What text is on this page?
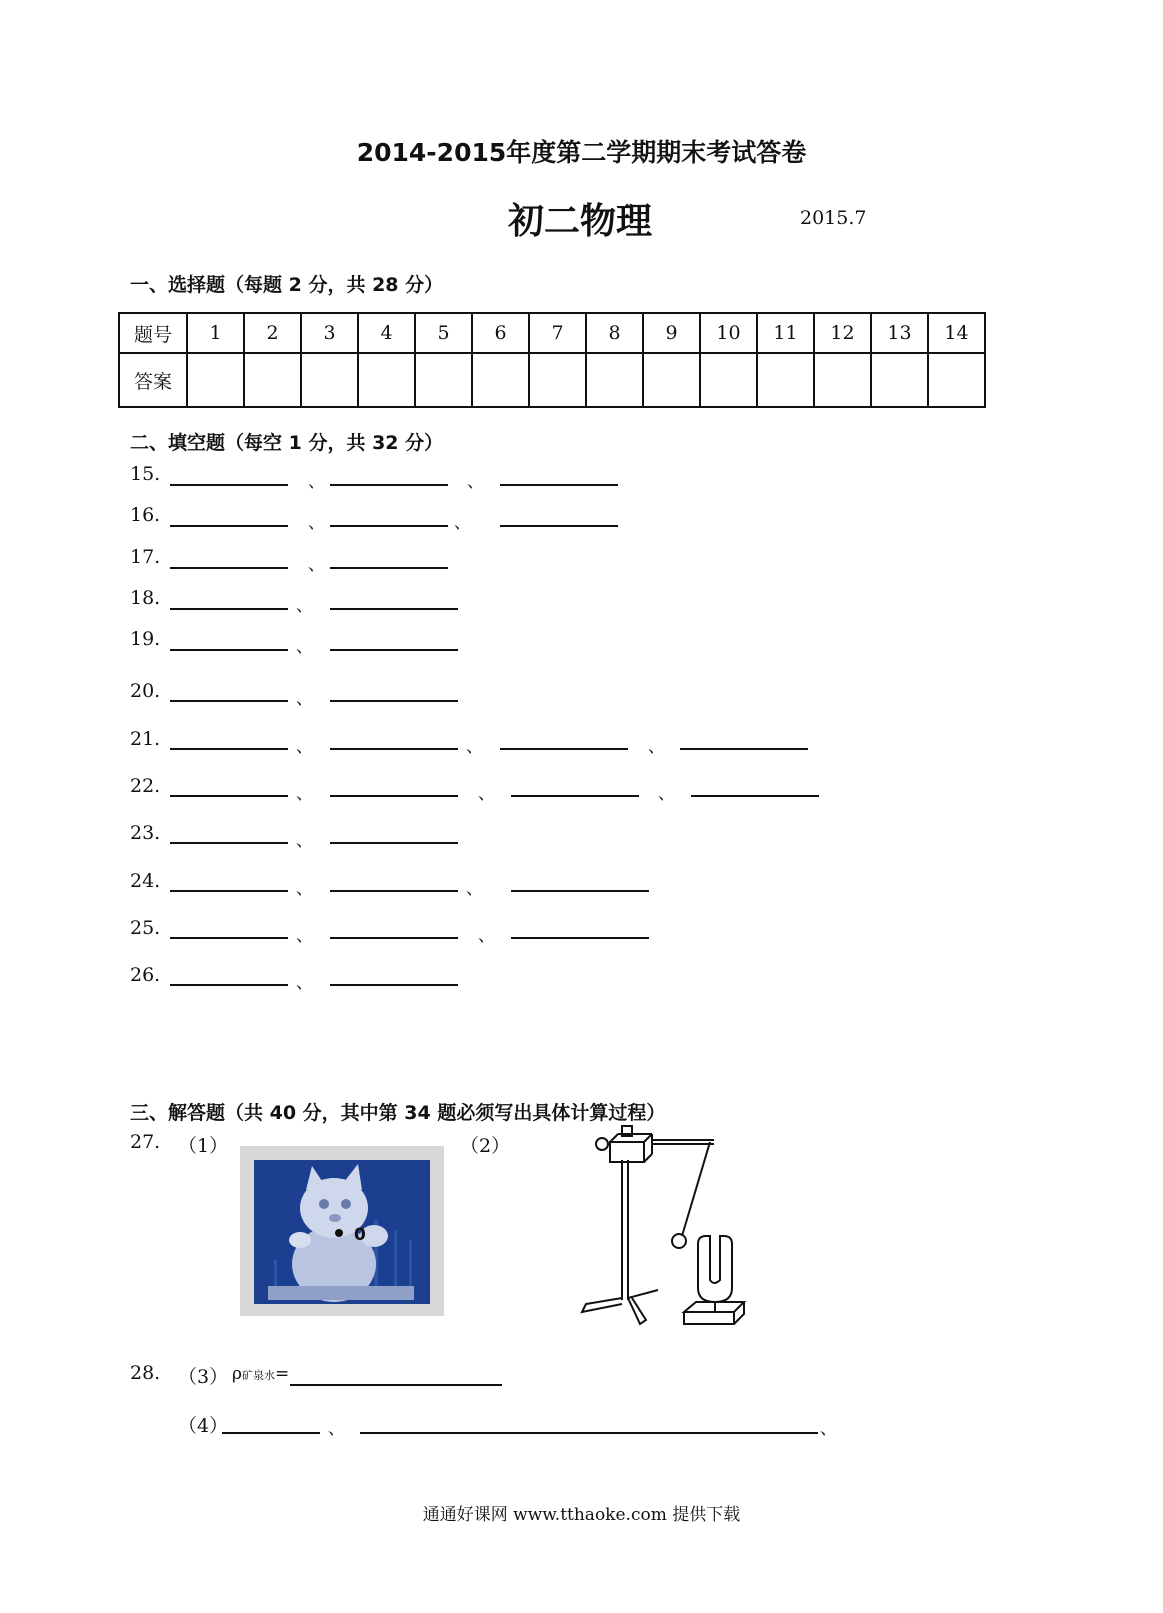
2014-2015年度第二学期期末考试答卷
初二物理	2015.7
一、选择题（每题 2 分，共 28 分）
题号	1	2	3	4	5	6	7	8	9	10	11	12	13	14
答案														
二、填空题（每空 1 分，共 32 分）
15.	、	、
16.	、	、
17.	、
18.	、
19.	、
20.	、
21.	、	、	、
22.	、	、	、
23.	、
24.	、	、
25.	、	、
26.	、
三、解答题（共 40 分，其中第 34 题必须写出具体计算过程）
27. （1）
0
（2）
28. （3） ρ矿泉水=
（4）	、	、
通通好课网 www.tthaoke.com 提供下载
